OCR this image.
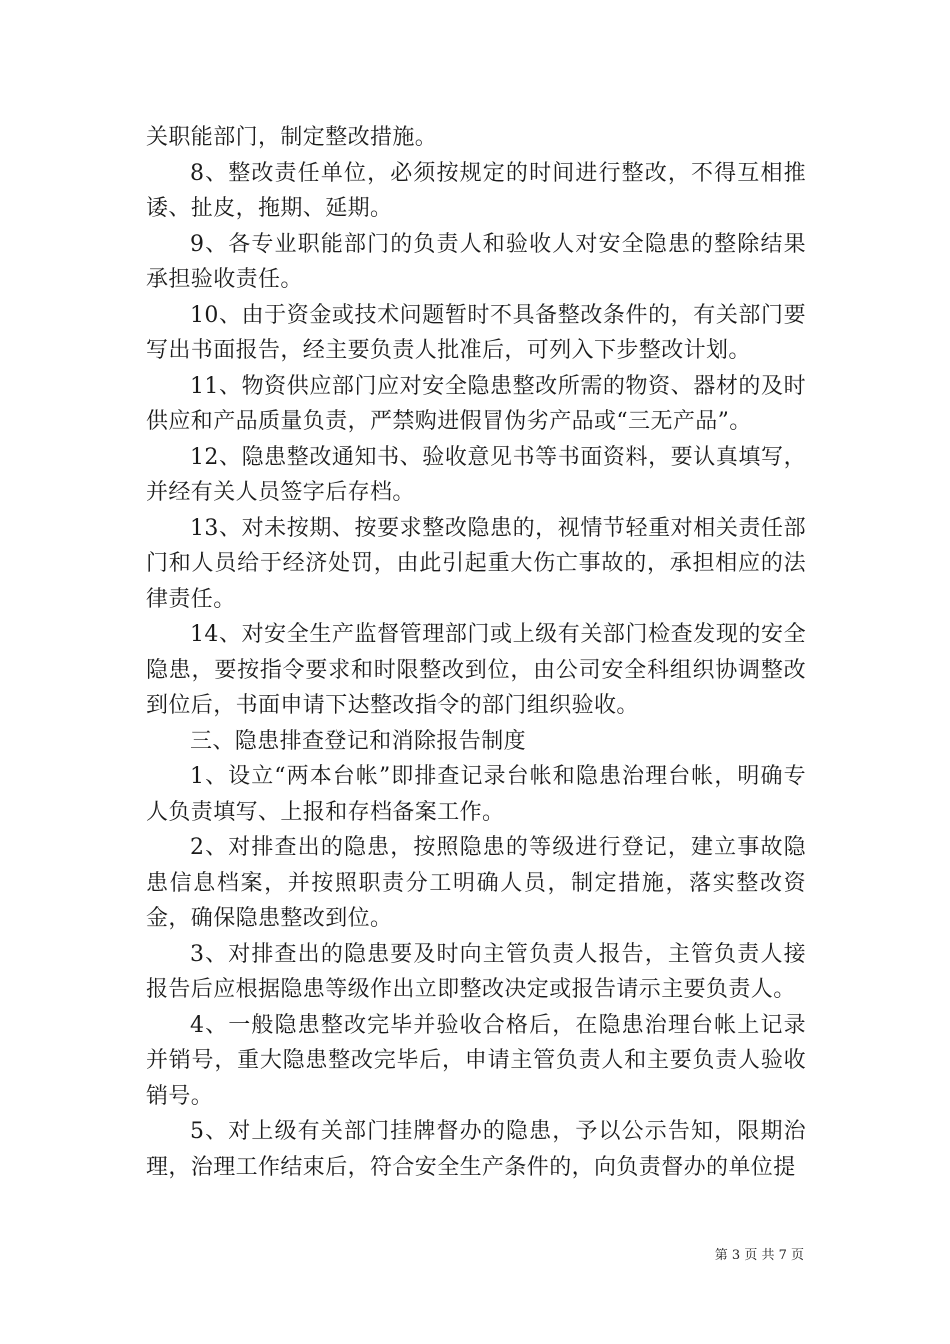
关职能部门，制定整改措施。

8、整改责任单位，必须按规定的时间进行整改，不得互相推诿、扯皮，拖期、延期。

9、各专业职能部门的负责人和验收人对安全隐患的整除结果承担验收责任。

10、由于资金或技术问题暂时不具备整改条件的，有关部门要写出书面报告，经主要负责人批准后，可列入下步整改计划。

11、物资供应部门应对安全隐患整改所需的物资、器材的及时供应和产品质量负责，严禁购进假冒伪劣产品或“三无产品”。

12、隐患整改通知书、验收意见书等书面资料，要认真填写，并经有关人员签字后存档。

13、对未按期、按要求整改隐患的，视情节轻重对相关责任部门和人员给于经济处罚，由此引起重大伤亡事故的，承担相应的法律责任。

14、对安全生产监督管理部门或上级有关部门检查发现的安全隐患，要按指令要求和时限整改到位，由公司安全科组织协调整改到位后，书面申请下达整改指令的部门组织验收。

三、隐患排查登记和消除报告制度

1、设立“两本台帐”即排查记录台帐和隐患治理台帐，明确专人负责填写、上报和存档备案工作。

2、对排查出的隐患，按照隐患的等级进行登记，建立事故隐患信息档案，并按照职责分工明确人员，制定措施，落实整改资金，确保隐患整改到位。

3、对排查出的隐患要及时向主管负责人报告，主管负责人接报告后应根据隐患等级作出立即整改决定或报告请示主要负责人。

4、一般隐患整改完毕并验收合格后，在隐患治理台帐上记录并销号，重大隐患整改完毕后，申请主管负责人和主要负责人验收销号。

5、对上级有关部门挂牌督办的隐患，予以公示告知，限期治理，治理工作结束后，符合安全生产条件的，向负责督办的单位提

第 3 页 共 7 页
